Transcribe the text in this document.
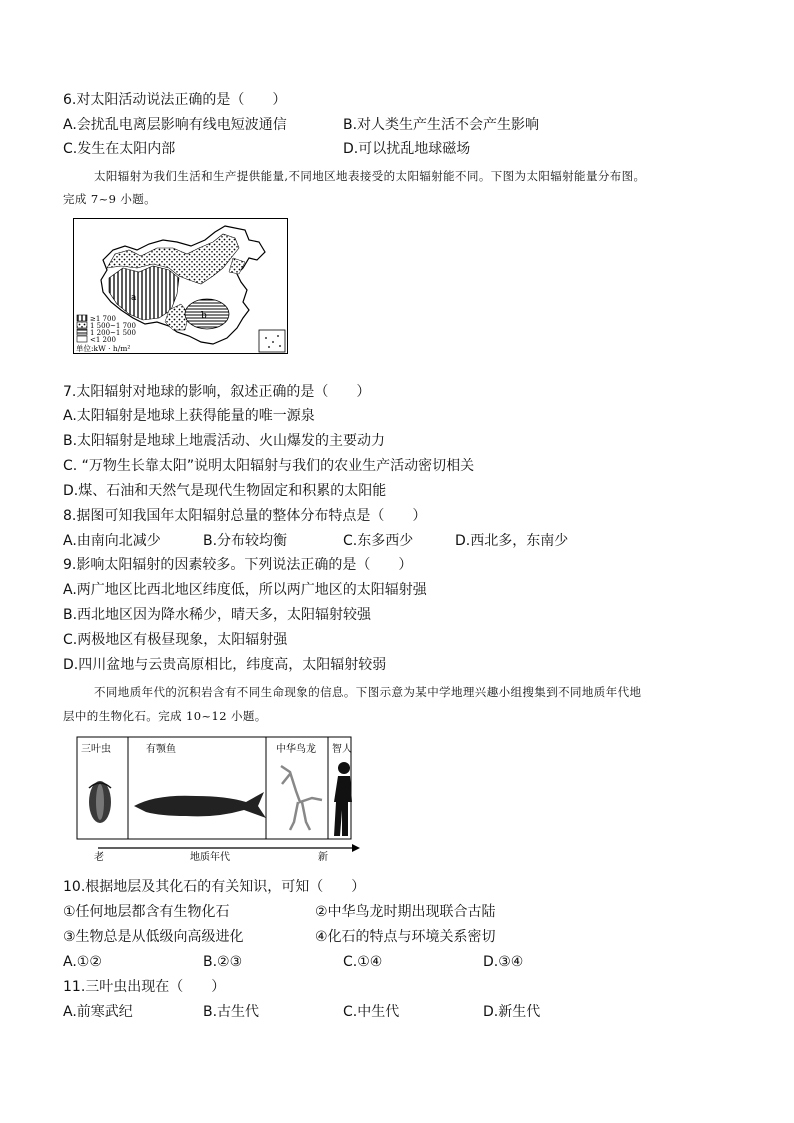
6.对太阳活动说法正确的是（　　）
A.会扰乱电离层影响有线电短波通信	B.对人类生产生活不会产生影响
C.发生在太阳内部	D.可以扰乱地球磁场
太阳辐射为我们生活和生产提供能量,不同地区地表接受的太阳辐射能不同。下图为太阳辐射能量分布图。
完成 7~9 小题。
b
a
≥1 700
1 500~1 700
1 200~1 500
<1 200
单位:kW · h/m²
7.太阳辐射对地球的影响，叙述正确的是（　　）
A.太阳辐射是地球上获得能量的唯一源泉
B.太阳辐射是地球上地震活动、火山爆发的主要动力
C. “万物生长靠太阳”说明太阳辐射与我们的农业生产活动密切相关
D.煤、石油和天然气是现代生物固定和积累的太阳能
8.据图可知我国年太阳辐射总量的整体分布特点是（　　）
A.由南向北减少	B.分布较均衡	C.东多西少	D.西北多，东南少
9.影响太阳辐射的因素较多。下列说法正确的是（　　）
A.两广地区比西北地区纬度低，所以两广地区的太阳辐射强
B.西北地区因为降水稀少，晴天多，太阳辐射较强
C.两极地区有极昼现象，太阳辐射强
D.四川盆地与云贵高原相比，纬度高，太阳辐射较弱
不同地质年代的沉积岩含有不同生命现象的信息。下图示意为某中学地理兴趣小组搜集到不同地质年代地
层中的生物化石。完成 10~12 小题。
三叶虫	有颚鱼	中华鸟龙 智人
老	地质年代	新
10.根据地层及其化石的有关知识，可知（　　）
①任何地层都含有生物化石	②中华鸟龙时期出现联合古陆
③生物总是从低级向高级进化	④化石的特点与环境关系密切
A.①②	B.②③	C.①④	D.③④
11.三叶虫出现在（　　）
A.前寒武纪	B.古生代	C.中生代	D.新生代
